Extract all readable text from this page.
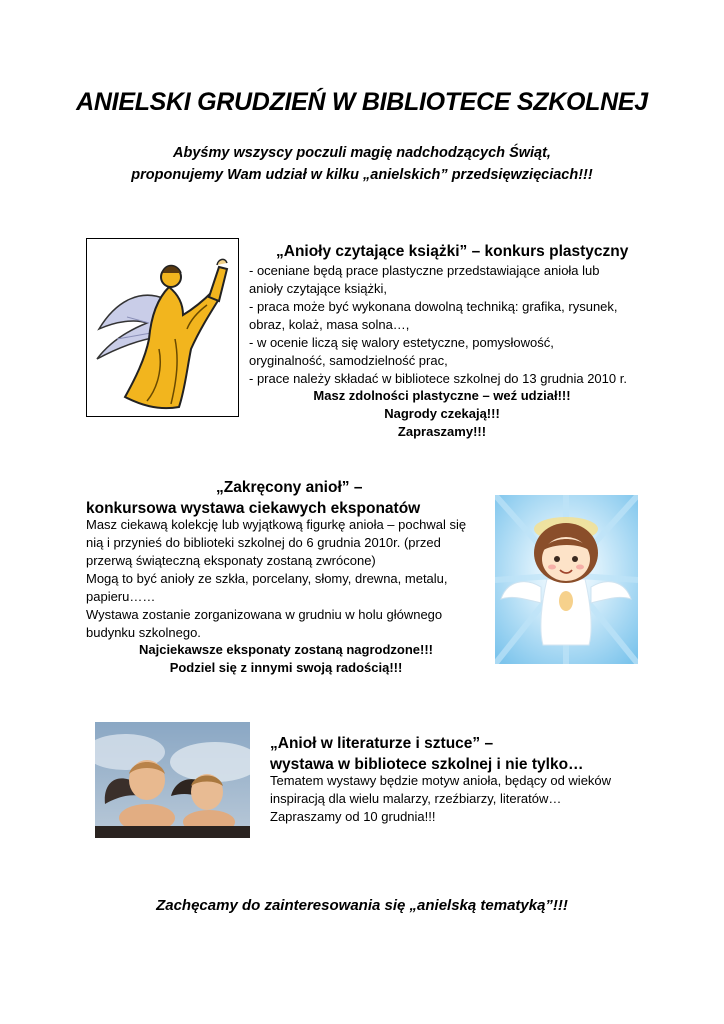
ANIELSKI GRUDZIEŃ W BIBLIOTECE SZKOLNEJ
Abyśmy wszyscy poczuli magię nadchodzących Świąt,
proponujemy Wam udział w kilku „anielskich” przedsięwzięciach!!!
„Anioły czytające książki” – konkurs plastyczny
- oceniane będą prace plastyczne przedstawiające anioła lub
anioły czytające książki,
- praca może być wykonana dowolną techniką: grafika, rysunek,
obraz, kolaż, masa solna…,
- w ocenie liczą się walory estetyczne, pomysłowość,
oryginalność, samodzielność prac,
- prace należy składać w bibliotece szkolnej do 13 grudnia 2010 r.
Masz zdolności plastyczne – weź udział!!!
Nagrody czekają!!!
Zapraszamy!!!
„Zakręcony anioł” –
konkursowa wystawa ciekawych eksponatów
Masz ciekawą kolekcję lub wyjątkową figurkę anioła – pochwal się
nią i przynieś do biblioteki szkolnej do 6 grudnia 2010r. (przed
przerwą świąteczną eksponaty zostaną zwrócone)
Mogą to być anioły ze szkła, porcelany, słomy, drewna, metalu,
papieru……
Wystawa zostanie zorganizowana w grudniu w holu głównego
budynku szkolnego.
Najciekawsze eksponaty zostaną nagrodzone!!!
Podziel się z innymi swoją radością!!!
„Anioł w literaturze i sztuce” –
wystawa w bibliotece szkolnej i nie tylko…
Tematem wystawy będzie motyw anioła, będący od wieków
inspiracją dla wielu malarzy, rzeźbiarzy, literatów…
Zapraszamy od 10 grudnia!!!
Zachęcamy do zainteresowania się „anielską tematyką”!!!
